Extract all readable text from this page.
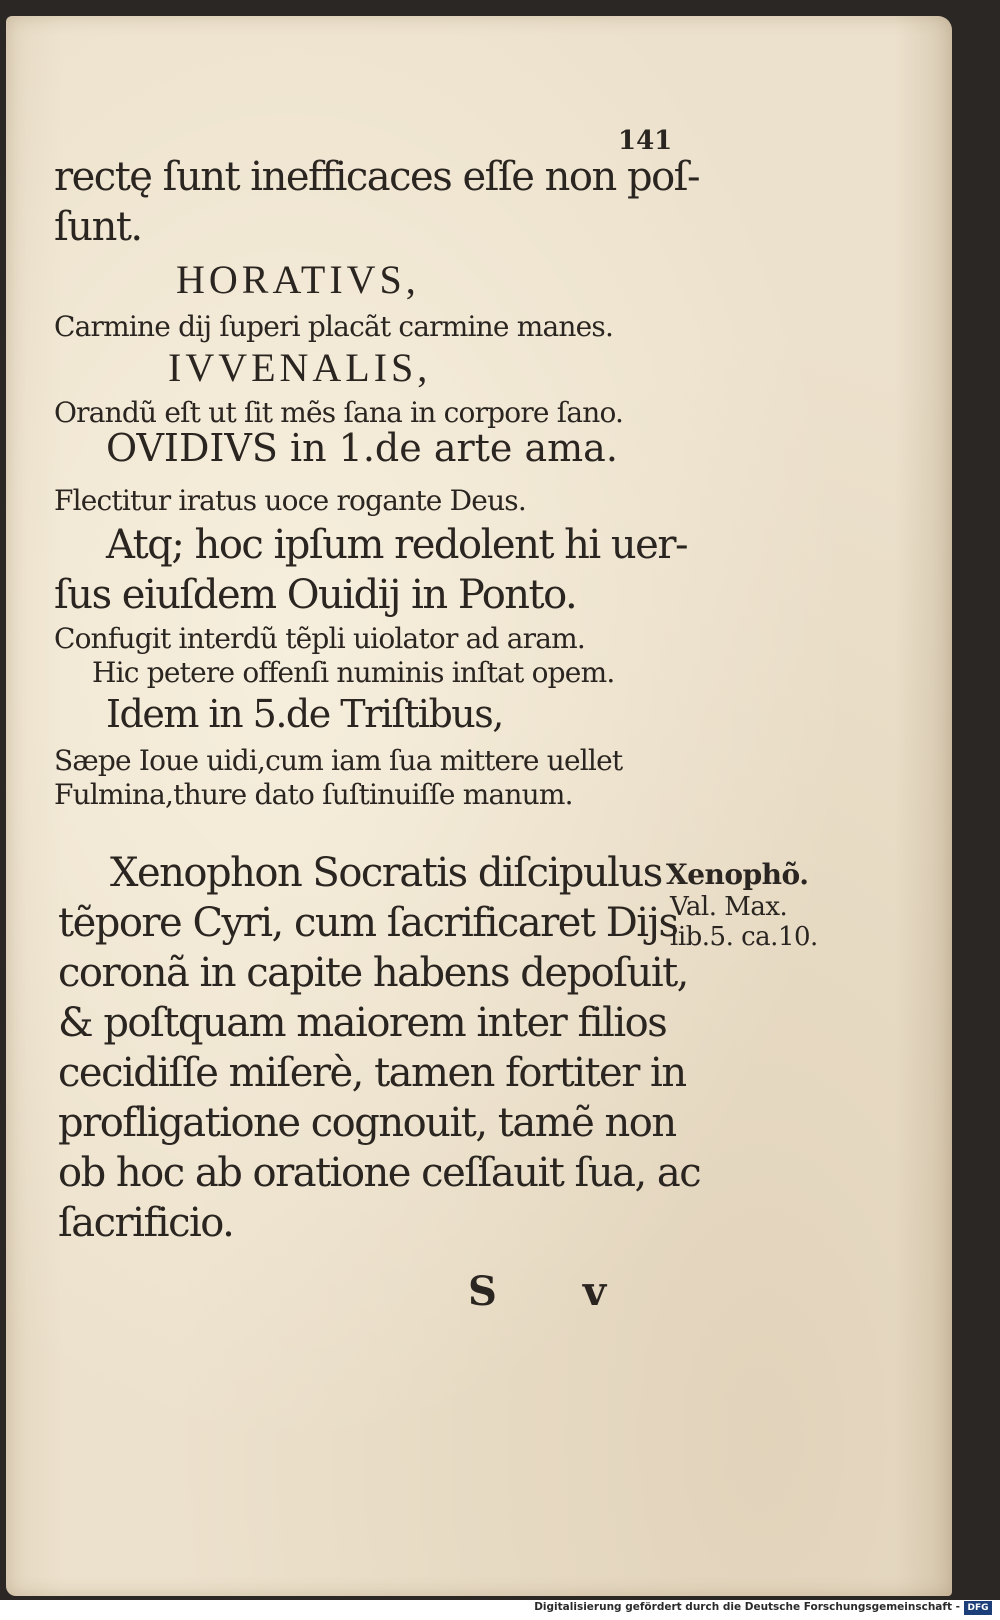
141
rectę ſunt inefficaces eſſe non poſ-
ſunt.
HORATIVS,
Carmine dij ſuperi placãt carmine manes.
IVVENALIS,
Orandũ eſt ut ſit mẽs ſana in corpore ſano.
OVIDIVS in 1.de arte ama.
Flectitur iratus uoce rogante Deus.
Atq; hoc ipſum redolent hi uer-
ſus eiuſdem Ouidij in Ponto.
Confugit interdũ tẽpli uiolator ad aram.
Hic petere offenſi numinis inſtat opem.
Idem in 5.de Triſtibus,
Sæpe Ioue uidi,cum iam ſua mittere uellet
Fulmina,thure dato ſuſtinuiſſe manum.
Xenophon Socratis diſcipulus
tẽpore Cyri, cum ſacrificaret Dijs
coronã in capite habens depoſuit,
& poſtquam maiorem inter filios
cecidiſſe miſerè, tamen fortiter in
profligatione cognouit, tamẽ non
ob hoc ab oratione ceſſauit ſua, ac
ſacrificio.
Xenophõ.
Val. Max.
lib.5. ca.10.
S v
Digitalisierung gefördert durch die Deutsche Forschungsgemeinschaft - DFG
